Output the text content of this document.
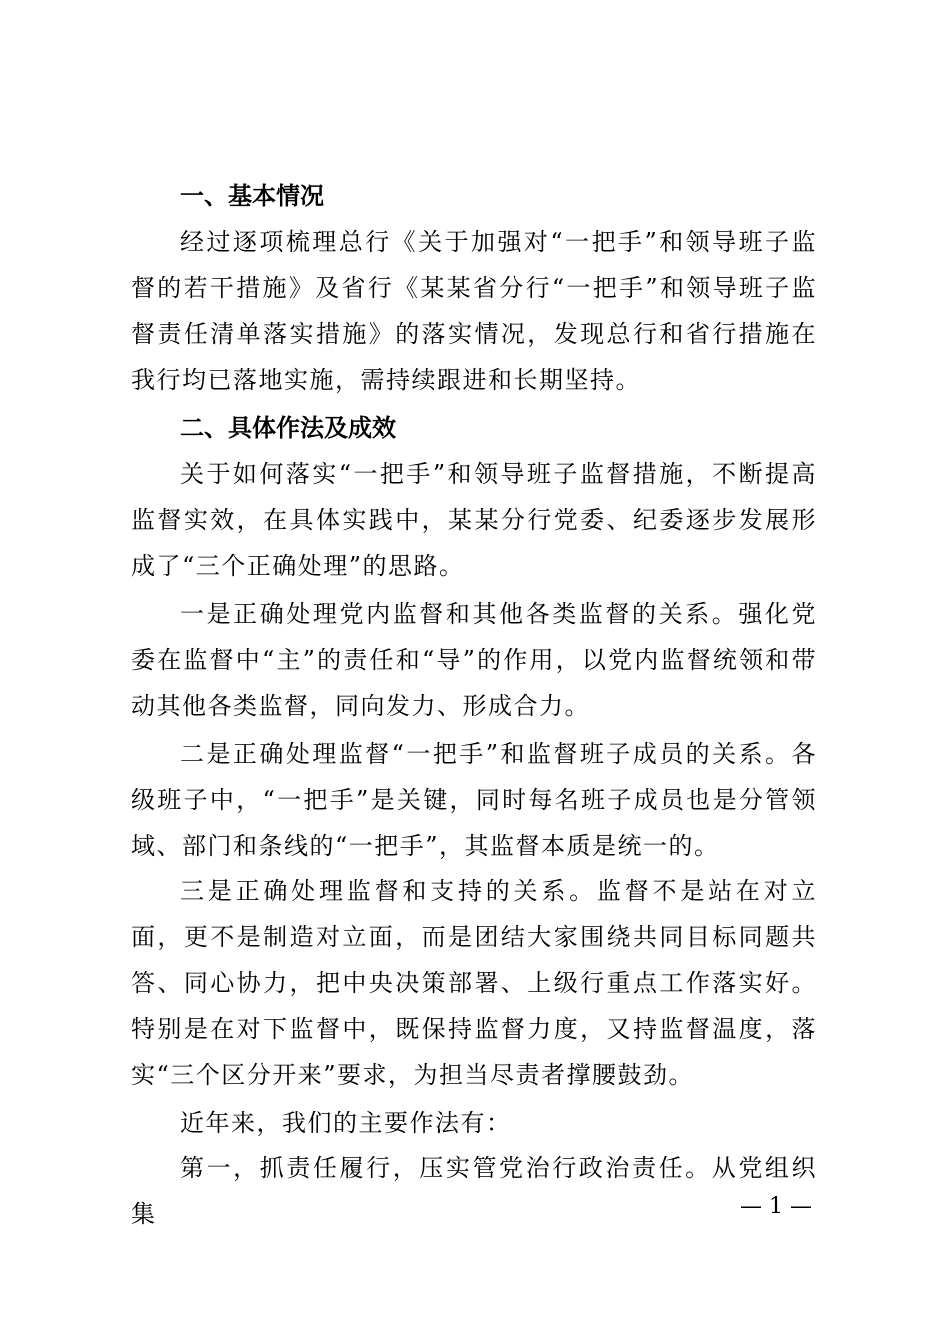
一、基本情况

经过逐项梳理总行《关于加强对“一把手”和领导班子监督的若干措施》及省行《某某省分行“一把手”和领导班子监督责任清单落实措施》的落实情况，发现总行和省行措施在我行均已落地实施，需持续跟进和长期坚持。

二、具体作法及成效

关于如何落实“一把手”和领导班子监督措施，不断提高监督实效，在具体实践中，某某分行党委、纪委逐步发展形成了“三个正确处理”的思路。

一是正确处理党内监督和其他各类监督的关系。强化党委在监督中“主”的责任和“导”的作用，以党内监督统领和带动其他各类监督，同向发力、形成合力。

二是正确处理监督“一把手”和监督班子成员的关系。各级班子中，“一把手”是关键，同时每名班子成员也是分管领域、部门和条线的“一把手”，其监督本质是统一的。

三是正确处理监督和支持的关系。监督不是站在对立面，更不是制造对立面，而是团结大家围绕共同目标同题共答、同心协力，把中央决策部署、上级行重点工作落实好。特别是在对下监督中，既保持监督力度，又持监督温度，落实“三个区分开来”要求，为担当尽责者撑腰鼓劲。

近年来，我们的主要作法有：

第一，抓责任履行，压实管党治行政治责任。从党组织集	— 1 —
